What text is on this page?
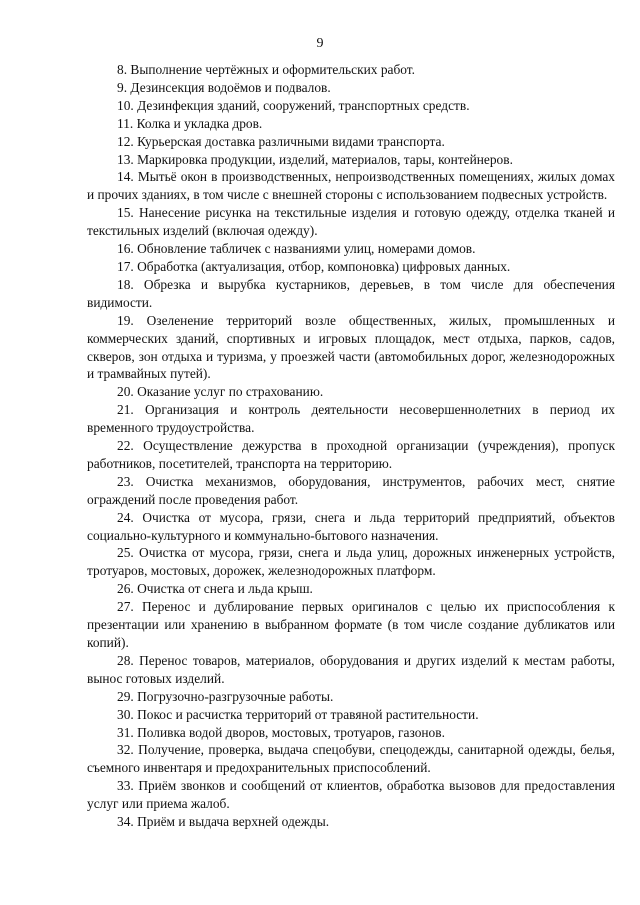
9

8. Выполнение чертёжных и оформительских работ.

9. Дезинсекция водоёмов и подвалов.

10. Дезинфекция зданий, сооружений, транспортных средств.

11. Колка и укладка дров.

12. Курьерская доставка различными видами транспорта.

13. Маркировка продукции, изделий, материалов, тары, контейнеров.

14. Мытьё окон в производственных, непроизводственных помещениях, жилых домах и прочих зданиях, в том числе с внешней стороны с использованием подвесных устройств.

15. Нанесение рисунка на текстильные изделия и готовую одежду, отделка тканей и текстильных изделий (включая одежду).

16. Обновление табличек с названиями улиц, номерами домов.

17. Обработка (актуализация, отбор, компоновка) цифровых данных.

18. Обрезка и вырубка кустарников, деревьев, в том числе для обеспечения видимости.

19. Озеленение территорий возле общественных, жилых, промышленных и коммерческих зданий, спортивных и игровых площадок, мест отдыха, парков, садов, скверов, зон отдыха и туризма, у проезжей части (автомобильных дорог, железнодорожных и трамвайных путей).

20. Оказание услуг по страхованию.

21. Организация и контроль деятельности несовершеннолетних в период их временного трудоустройства.

22. Осуществление дежурства в проходной организации (учреждения), пропуск работников, посетителей, транспорта на территорию.

23. Очистка механизмов, оборудования, инструментов, рабочих мест, снятие ограждений после проведения работ.

24. Очистка от мусора, грязи, снега и льда территорий предприятий, объектов социально-культурного и коммунально-бытового назначения.

25. Очистка от мусора, грязи, снега и льда улиц, дорожных инженерных устройств, тротуаров, мостовых, дорожек, железнодорожных платформ.

26. Очистка от снега и льда крыш.

27. Перенос и дублирование первых оригиналов с целью их приспособления к презентации или хранению в выбранном формате (в том числе создание дубликатов или копий).

28. Перенос товаров, материалов, оборудования и других изделий к местам работы, вынос готовых изделий.

29. Погрузочно-разгрузочные работы.

30. Покос и расчистка территорий от травяной растительности.

31. Поливка водой дворов, мостовых, тротуаров, газонов.

32. Получение, проверка, выдача спецобуви, спецодежды, санитарной одежды, белья, съемного инвентаря и предохранительных приспособлений.

33. Приём звонков и сообщений от клиентов, обработка вызовов для предоставления услуг или приема жалоб.

34. Приём и выдача верхней одежды.
